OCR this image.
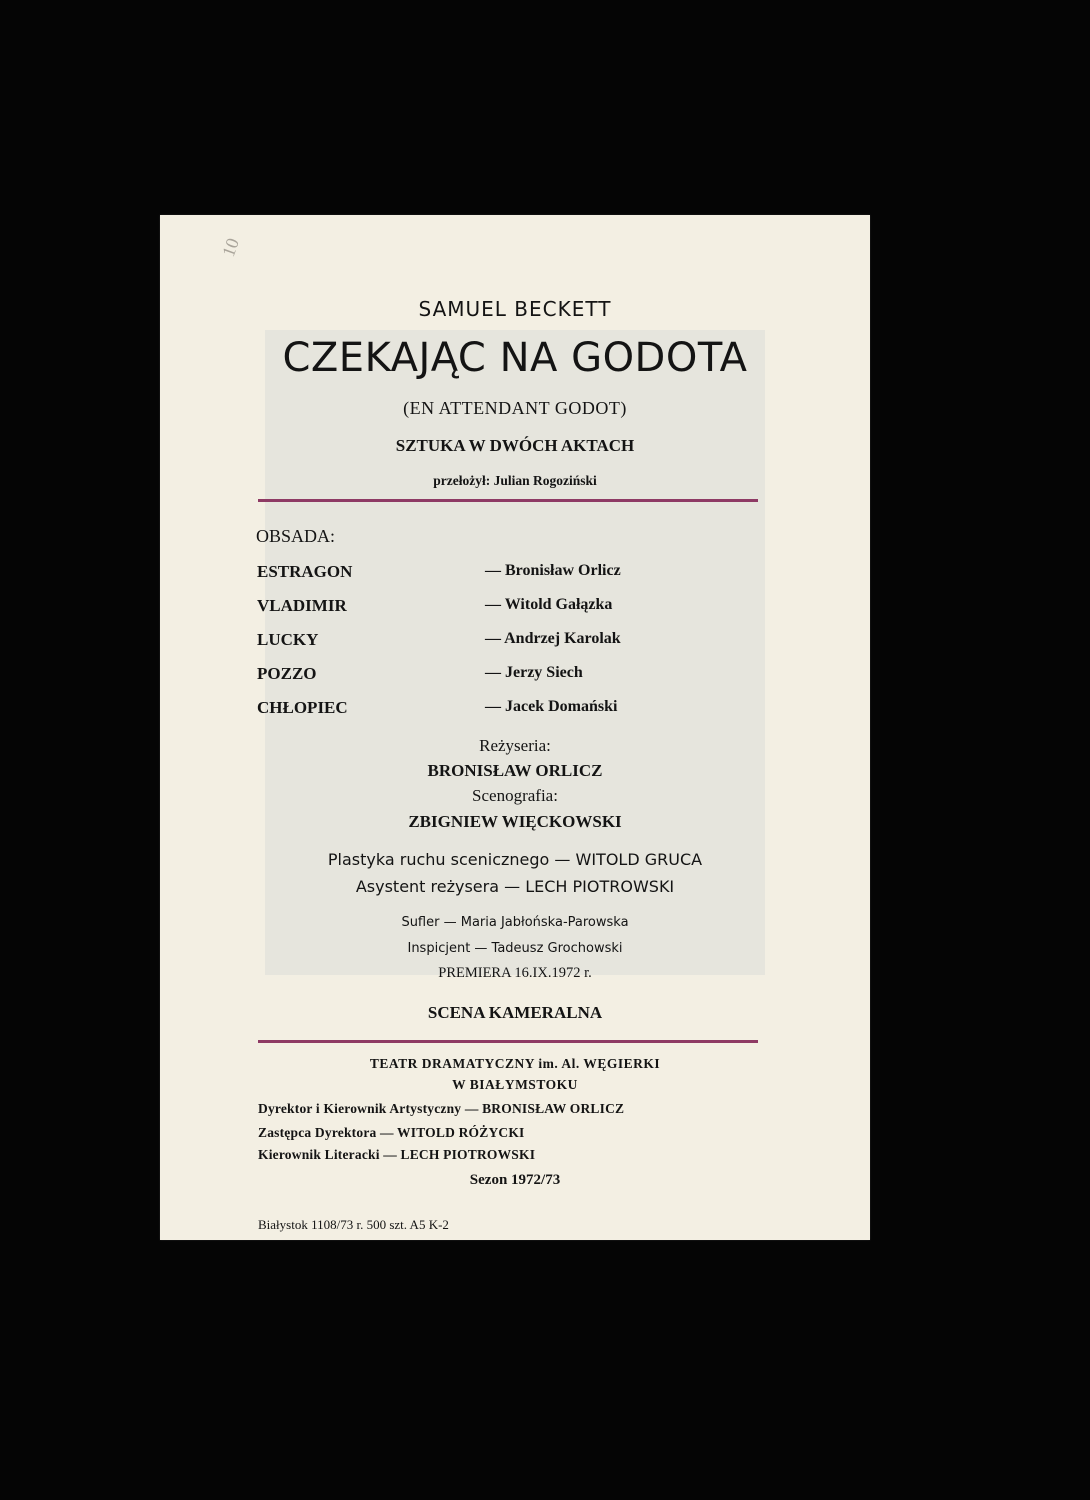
10
SAMUEL BECKETT
CZEKAJĄC NA GODOTA
(EN ATTENDANT GODOT)
SZTUKA W DWÓCH AKTACH
przełożył: Julian Rogoziński
OBSADA:
ESTRAGON	— Bronisław Orlicz
VLADIMIR	— Witold Gałązka
LUCKY	— Andrzej Karolak
POZZO	— Jerzy Siech
CHŁOPIEC	— Jacek Domański
Reżyseria:
BRONISŁAW ORLICZ
Scenografia:
ZBIGNIEW WIĘCKOWSKI
Plastyka ruchu scenicznego — WITOLD GRUCA
Asystent reżysera — LECH PIOTROWSKI
Sufler — Maria Jabłońska-Parowska
Inspicjent — Tadeusz Grochowski
PREMIERA 16.IX.1972 r.
SCENA KAMERALNA
TEATR DRAMATYCZNY im. Al. WĘGIERKI
W BIAŁYMSTOKU
Dyrektor i Kierownik Artystyczny — BRONISŁAW ORLICZ
Zastępca Dyrektora — WITOLD RÓŻYCKI
Kierownik Literacki — LECH PIOTROWSKI
Sezon 1972/73
Białystok 1108/73 r. 500 szt. A5 K-2
